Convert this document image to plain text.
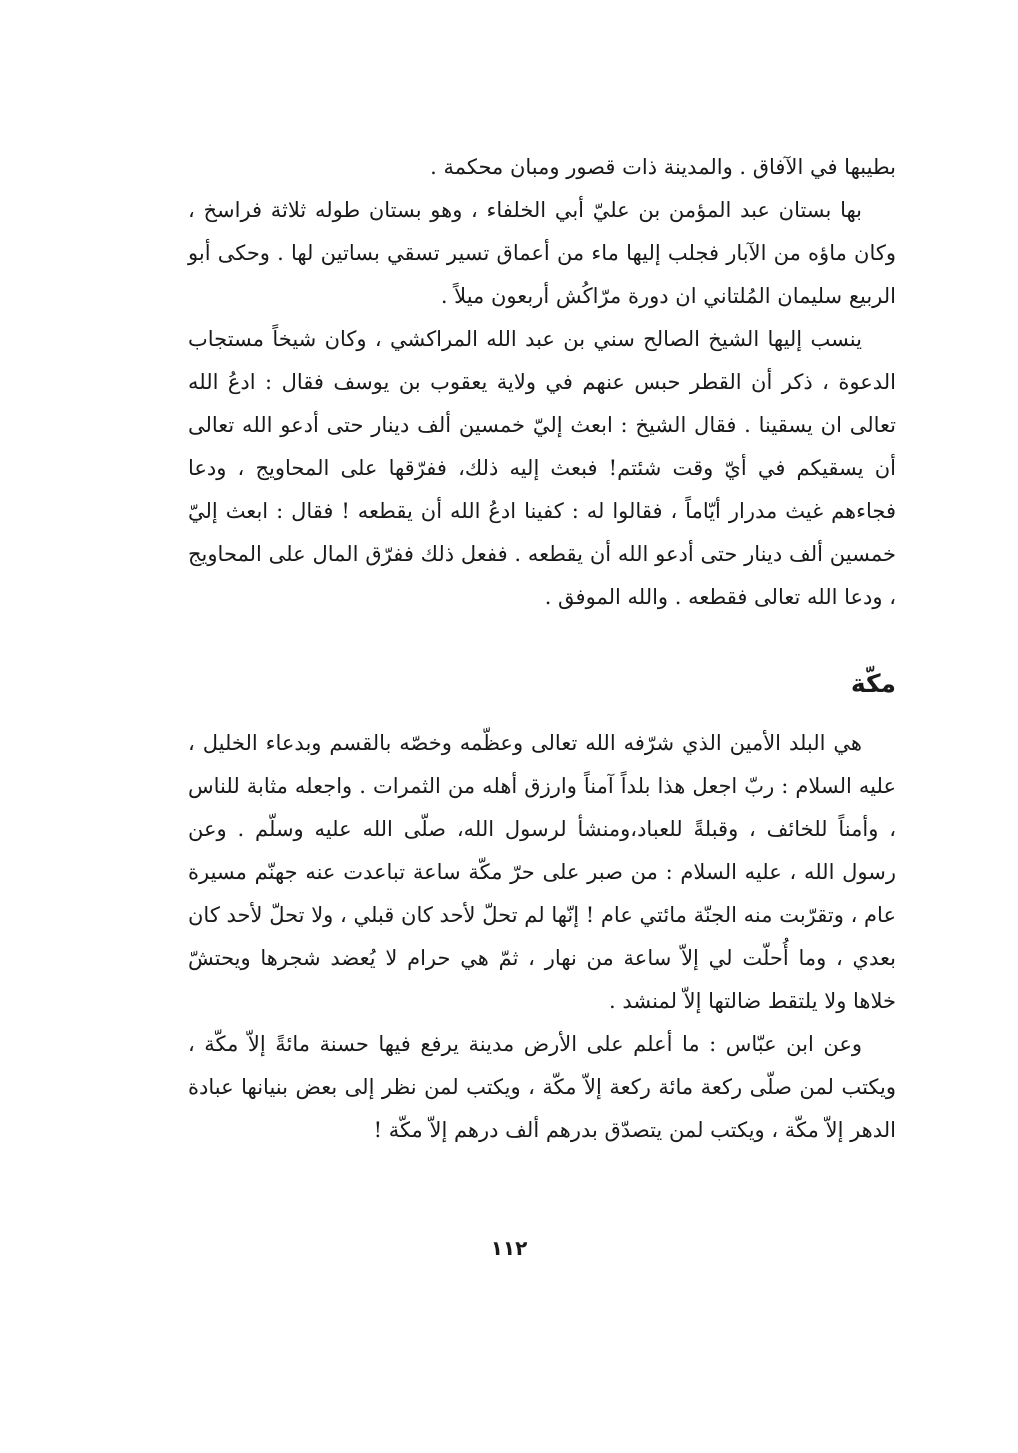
بطيبها في الآفاق . والمدينة ذات قصور ومبان محكمة .

بها بستان عبد المؤمن بن عليّ أبي الخلفاء ، وهو بستان طوله ثلاثة فراسخ ، وكان ماؤه من الآبار فجلب إليها ماء من أعماق تسير تسقي بساتين لها . وحكى أبو الربيع سليمان المُلتاني ان دورة مرّاكُش أربعون ميلاً .

ينسب إليها الشيخ الصالح سني بن عبد الله المراكشي ، وكان شيخاً مستجاب الدعوة ، ذكر أن القطر حبس عنهم في ولاية يعقوب بن يوسف فقال : ادعُ الله تعالى ان يسقينا . فقال الشيخ : ابعث إليّ خمسين ألف دينار حتى أدعو الله تعالى أن يسقيكم في أيّ وقت شئتم! فبعث إليه ذلك، ففرّقها على المحاويج ، ودعا فجاءهم غيث مدرار أيّاماً ، فقالوا له : كفينا ادعُ الله أن يقطعه ! فقال : ابعث إليّ خمسين ألف دينار حتى أدعو الله أن يقطعه . ففعل ذلك ففرّق المال على المحاويج ، ودعا الله تعالى فقطعه . والله الموفق .

مكّة

هي البلد الأمين الذي شرّفه الله تعالى وعظّمه وخصّه بالقسم وبدعاء الخليل ، عليه السلام : ربّ اجعل هذا بلداً آمناً وارزق أهله من الثمرات . واجعله مثابة للناس ، وأمناً للخائف ، وقبلةً للعباد،ومنشأ لرسول الله، صلّى الله عليه وسلّم . وعن رسول الله ، عليه السلام : من صبر على حرّ مكّة ساعة تباعدت عنه جهنّم مسيرة عام ، وتقرّبت منه الجنّة مائتي عام ! إنّها لم تحلّ لأحد كان قبلي ، ولا تحلّ لأحد كان بعدي ، وما أُحلّت لي إلاّ ساعة من نهار ، ثمّ هي حرام لا يُعضد شجرها ويحتشّ خلاها ولا يلتقط ضالتها إلاّ لمنشد .

وعن ابن عبّاس : ما أعلم على الأرض مدينة يرفع فيها حسنة مائةً إلاّ مكّة ، ويكتب لمن صلّى ركعة مائة ركعة إلاّ مكّة ، ويكتب لمن نظر إلى بعض بنيانها عبادة الدهر إلاّ مكّة ، ويكتب لمن يتصدّق بدرهم ألف درهم إلاّ مكّة !

١١٢
